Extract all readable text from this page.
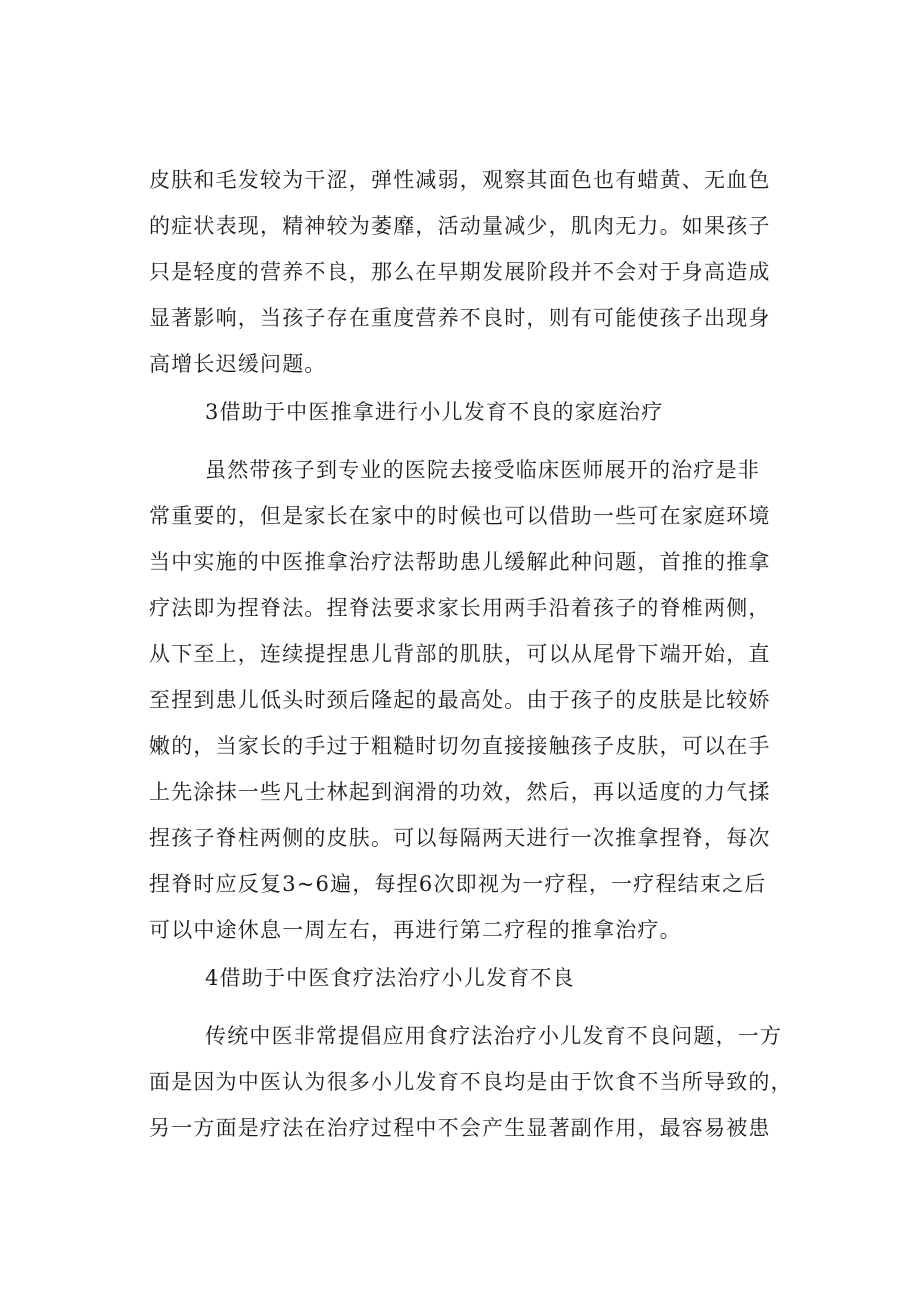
皮肤和毛发较为干涩，弹性减弱，观察其面色也有蜡黄、无血色
的症状表现，精神较为萎靡，活动量减少，肌肉无力。如果孩子
只是轻度的营养不良，那么在早期发展阶段并不会对于身高造成
显著影响，当孩子存在重度营养不良时，则有可能使孩子出现身
高增长迟缓问题。
3借助于中医推拿进行小儿发育不良的家庭治疗
虽然带孩子到专业的医院去接受临床医师展开的治疗是非
常重要的，但是家长在家中的时候也可以借助一些可在家庭环境
当中实施的中医推拿治疗法帮助患儿缓解此种问题，首推的推拿
疗法即为捏脊法。捏脊法要求家长用两手沿着孩子的脊椎两侧，
从下至上，连续提捏患儿背部的肌肤，可以从尾骨下端开始，直
至捏到患儿低头时颈后隆起的最高处。由于孩子的皮肤是比较娇
嫩的，当家长的手过于粗糙时切勿直接接触孩子皮肤，可以在手
上先涂抹一些凡士林起到润滑的功效，然后，再以适度的力气揉
捏孩子脊柱两侧的皮肤。可以每隔两天进行一次推拿捏脊，每次
捏脊时应反复3~6遍，每捏6次即视为一疗程，一疗程结束之后
可以中途休息一周左右，再进行第二疗程的推拿治疗。
4借助于中医食疗法治疗小儿发育不良
传统中医非常提倡应用食疗法治疗小儿发育不良问题，一方
面是因为中医认为很多小儿发育不良均是由于饮食不当所导致的，
另一方面是疗法在治疗过程中不会产生显著副作用，最容易被患
